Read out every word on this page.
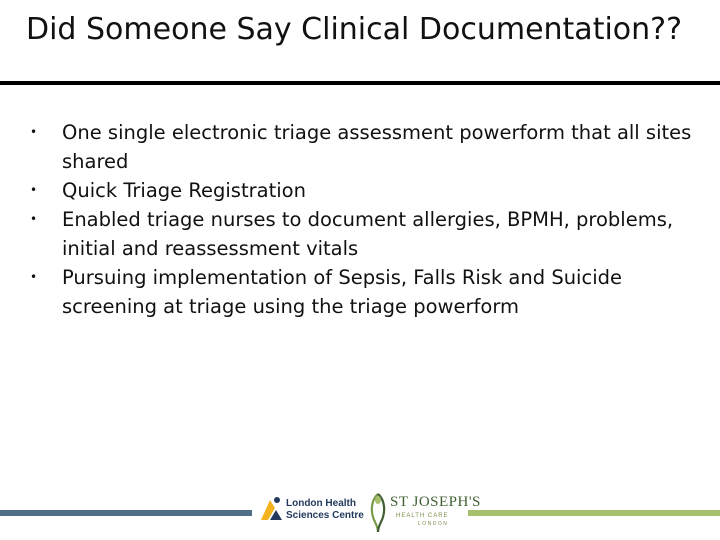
Did Someone Say Clinical Documentation??
• One single electronic triage assessment powerform that all sites shared
• Quick Triage Registration
• Enabled triage nurses to document allergies, BPMH, problems, initial and reassessment vitals
• Pursuing implementation of Sepsis, Falls Risk and Suicide screening at triage using the triage powerform
London Health
Sciences Centre
ST JOSEPH'S
HEALTH CARE
LONDON
